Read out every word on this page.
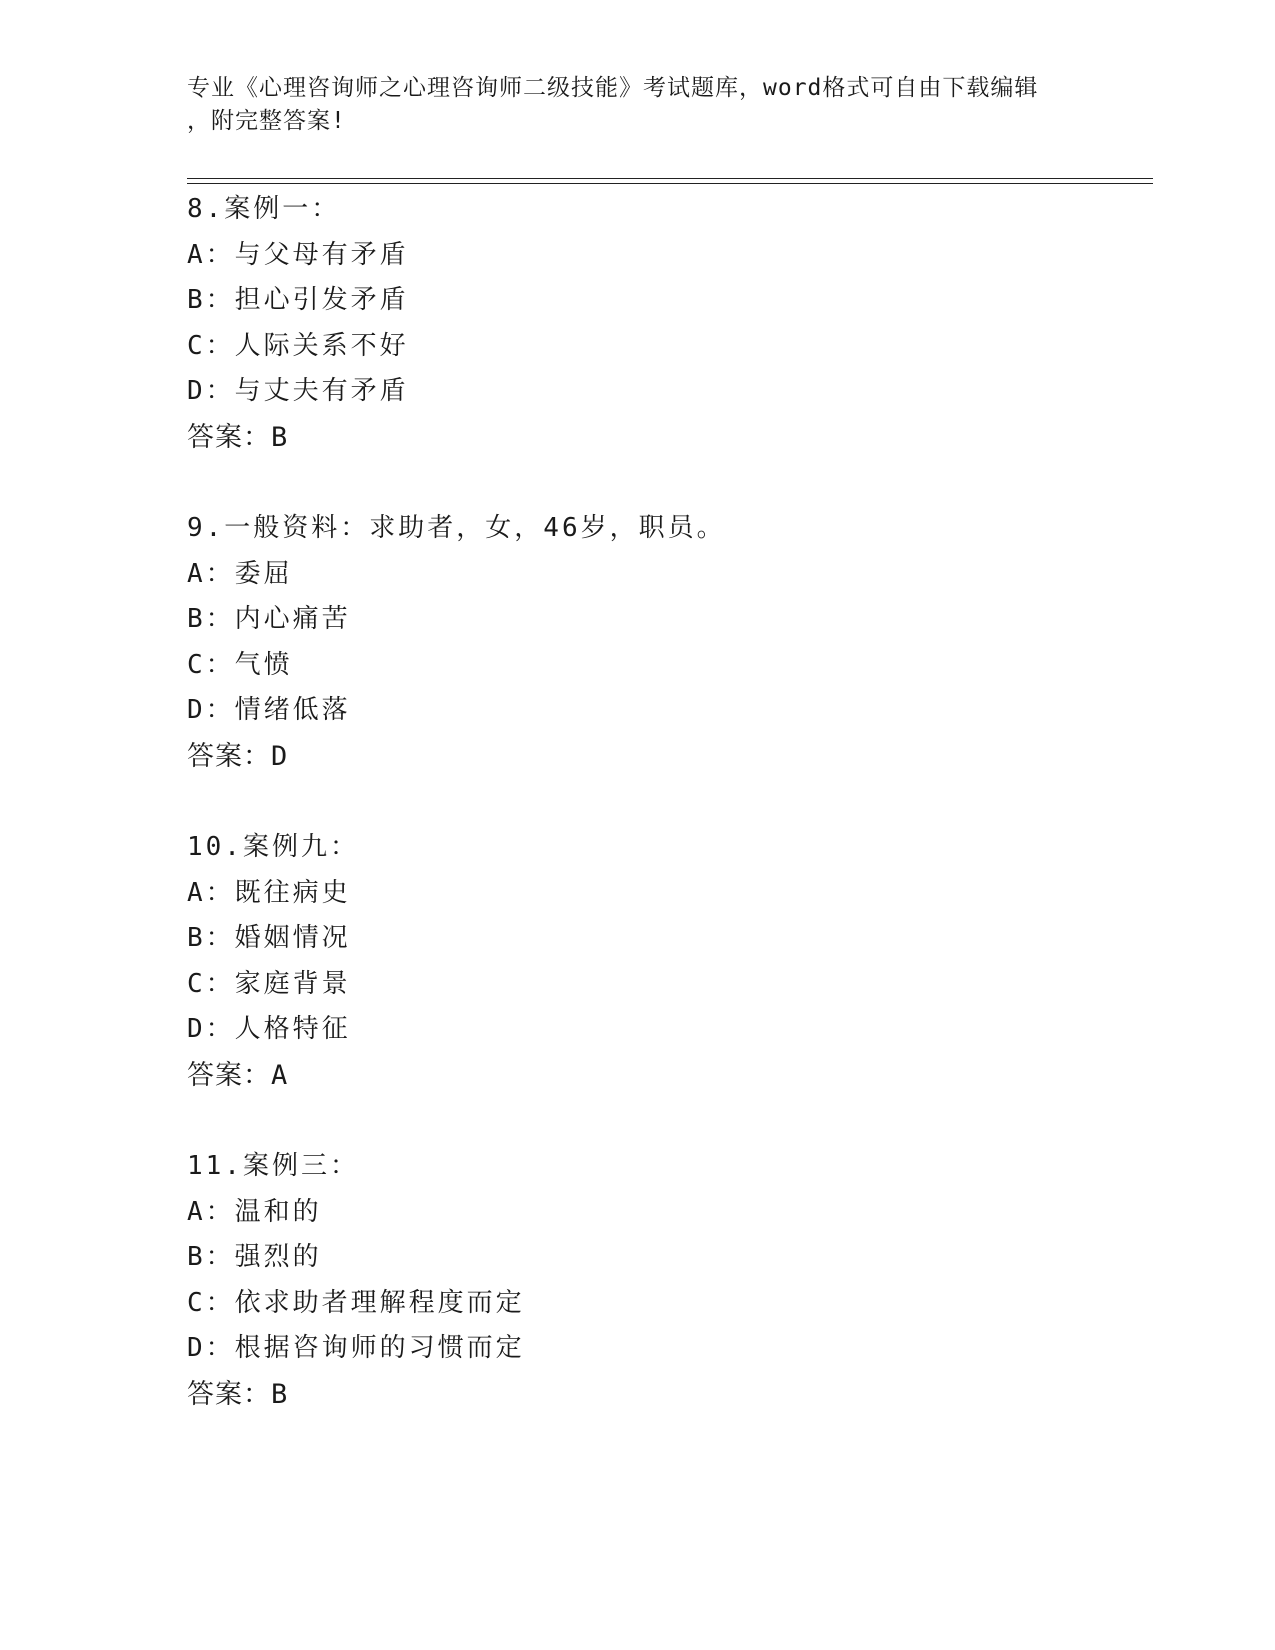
专业《心理咨询师之心理咨询师二级技能》考试题库，word格式可自由下载编辑
，附完整答案!
8.案例一：
A：与父母有矛盾
B：担心引发矛盾
C：人际关系不好
D：与丈夫有矛盾
答案：B
9.一般资料：求助者，女，46岁，职员。
A：委屈
B：内心痛苦
C：气愤
D：情绪低落
答案：D
10.案例九：
A：既往病史
B：婚姻情况
C：家庭背景
D：人格特征
答案：A
11.案例三：
A：温和的
B：强烈的
C：依求助者理解程度而定
D：根据咨询师的习惯而定
答案：B
